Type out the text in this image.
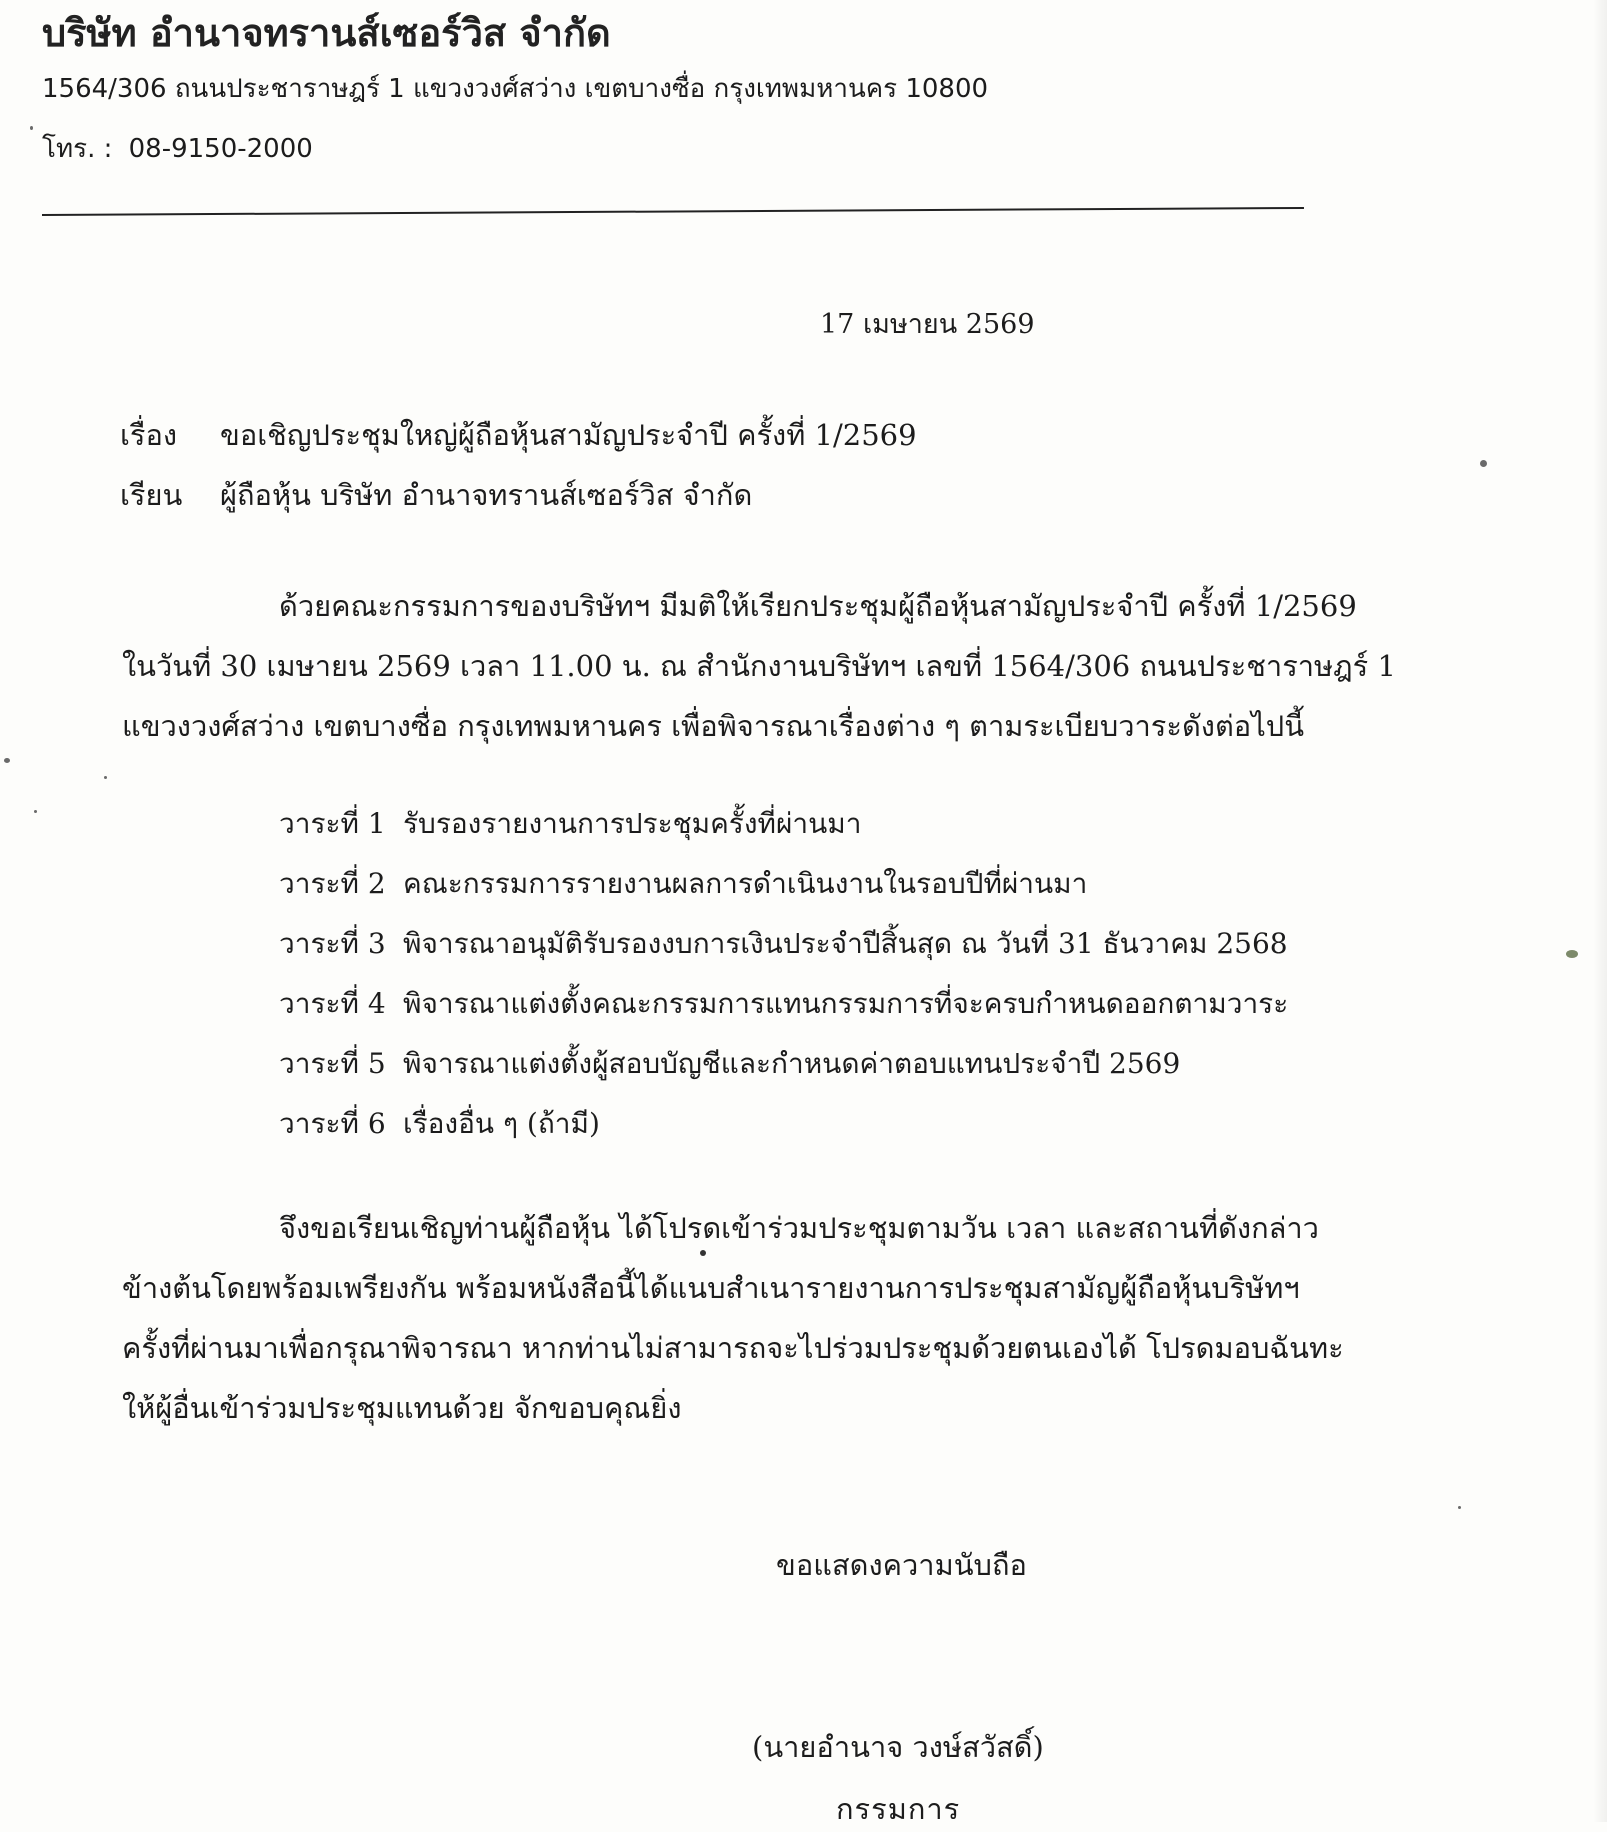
บริษัท อำนาจทรานส์เซอร์วิส จำกัด
1564/306 ถนนประชาราษฎร์ 1 แขวงวงศ์สว่าง เขตบางซื่อ กรุงเทพมหานคร 10800
โทร. : 08-9150-2000
17 เมษายน 2569
เรื่อง ขอเชิญประชุมใหญ่ผู้ถือหุ้นสามัญประจำปี ครั้งที่ 1/2569
เรียน ผู้ถือหุ้น บริษัท อำนาจทรานส์เซอร์วิส จำกัด
ด้วยคณะกรรมการของบริษัทฯ มีมติให้เรียกประชุมผู้ถือหุ้นสามัญประจำปี ครั้งที่ 1/2569
ในวันที่ 30 เมษายน 2569 เวลา 11.00 น. ณ สำนักงานบริษัทฯ เลขที่ 1564/306 ถนนประชาราษฎร์ 1
แขวงวงศ์สว่าง เขตบางซื่อ กรุงเทพมหานคร เพื่อพิจารณาเรื่องต่าง ๆ ตามระเบียบวาระดังต่อไปนี้
วาระที่ 1 รับรองรายงานการประชุมครั้งที่ผ่านมา
วาระที่ 2 คณะกรรมการรายงานผลการดำเนินงานในรอบปีที่ผ่านมา
วาระที่ 3 พิจารณาอนุมัติรับรองงบการเงินประจำปีสิ้นสุด ณ วันที่ 31 ธันวาคม 2568
วาระที่ 4 พิจารณาแต่งตั้งคณะกรรมการแทนกรรมการที่จะครบกำหนดออกตามวาระ
วาระที่ 5 พิจารณาแต่งตั้งผู้สอบบัญชีและกำหนดค่าตอบแทนประจำปี 2569
วาระที่ 6 เรื่องอื่น ๆ (ถ้ามี)
จึงขอเรียนเชิญท่านผู้ถือหุ้น ได้โปรดเข้าร่วมประชุมตามวัน เวลา และสถานที่ดังกล่าว
ข้างต้นโดยพร้อมเพรียงกัน พร้อมหนังสือนี้ได้แนบสำเนารายงานการประชุมสามัญผู้ถือหุ้นบริษัทฯ
ครั้งที่ผ่านมาเพื่อกรุณาพิจารณา หากท่านไม่สามารถจะไปร่วมประชุมด้วยตนเองได้ โปรดมอบฉันทะ
ให้ผู้อื่นเข้าร่วมประชุมแทนด้วย จักขอบคุณยิ่ง
ขอแสดงความนับถือ
(นายอำนาจ วงษ์สวัสดิ์)
กรรมการ
